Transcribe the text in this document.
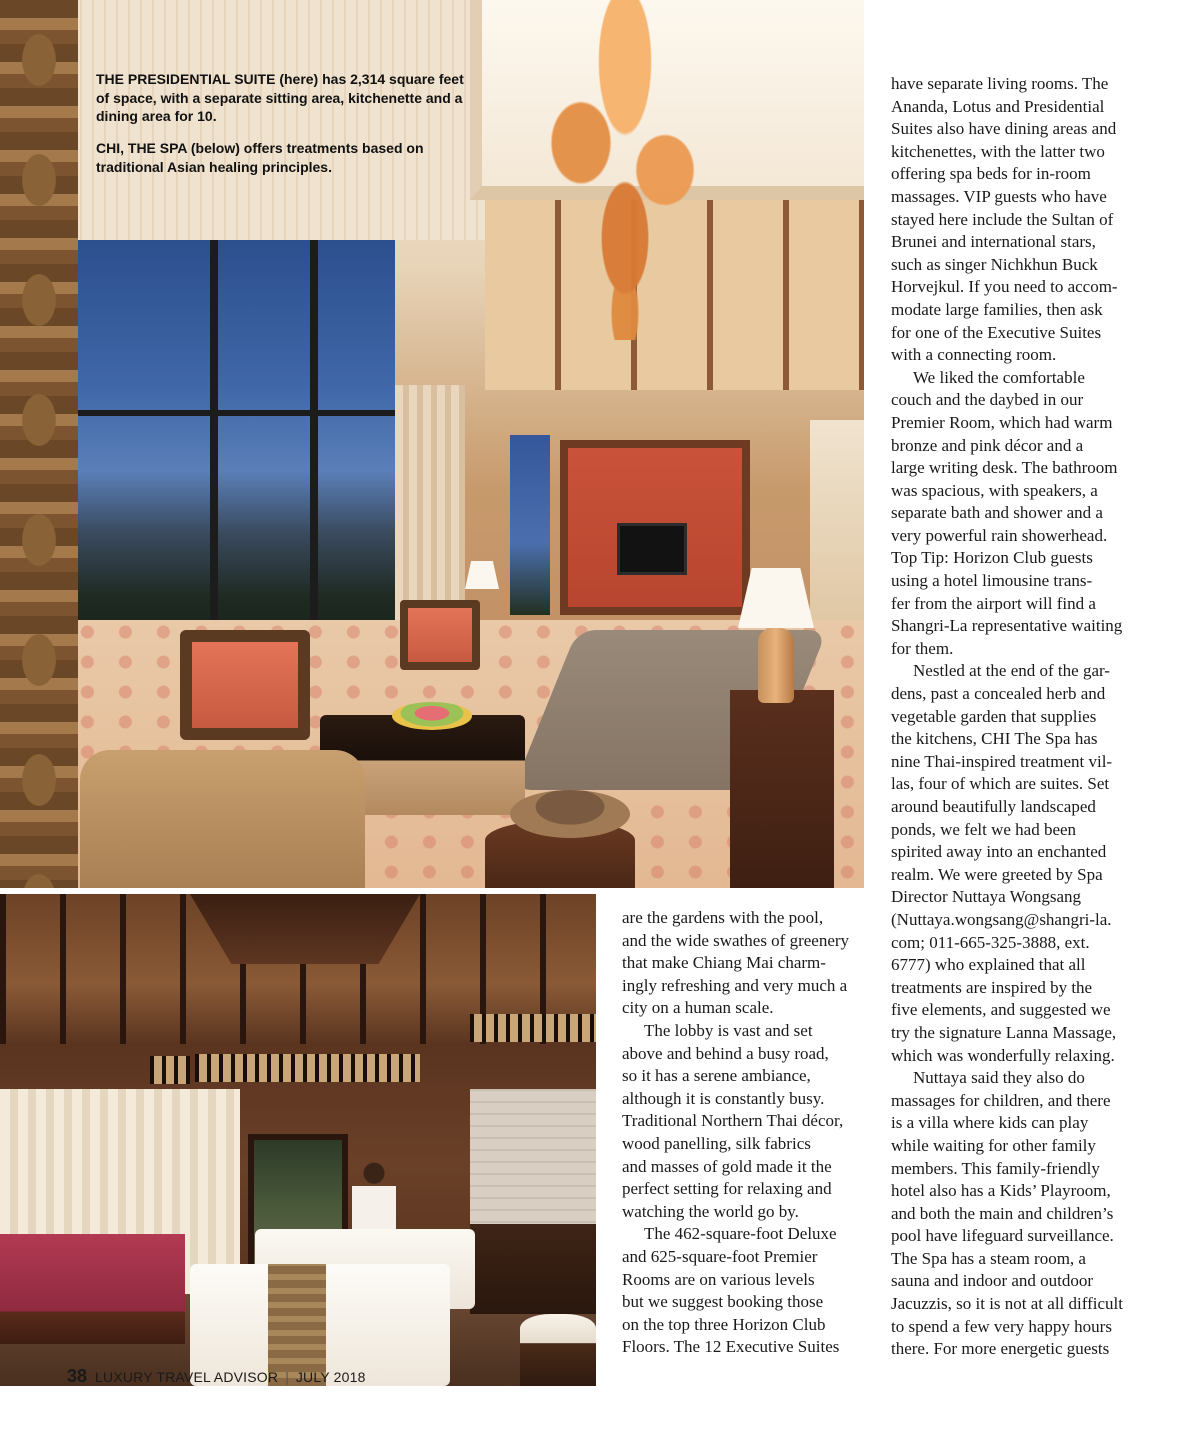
THE PRESIDENTIAL SUITE (here) has 2,314 square feet of space, with a separate sitting area, kitchenette and a dining area for 10.

CHI, THE SPA (below) offers treatments based on traditional Asian healing principles.

are the gardens with the pool,
and the wide swathes of greenery
that make Chiang Mai charm-
ingly refreshing and very much a
city on a human scale.
The lobby is vast and set
above and behind a busy road,
so it has a serene ambiance,
although it is constantly busy.
Traditional Northern Thai décor,
wood panelling, silk fabrics
and masses of gold made it the
perfect setting for relaxing and
watching the world go by.
The 462-square-foot Deluxe
and 625-square-foot Premier
Rooms are on various levels
but we suggest booking those
on the top three Horizon Club
Floors. The 12 Executive Suites
have separate living rooms. The
Ananda, Lotus and Presidential
Suites also have dining areas and
kitchenettes, with the latter two
offering spa beds for in-room
massages. VIP guests who have
stayed here include the Sultan of
Brunei and international stars,
such as singer Nichkhun Buck
Horvejkul. If you need to accom-
modate large families, then ask
for one of the Executive Suites
with a connecting room.
We liked the comfortable
couch and the daybed in our
Premier Room, which had warm
bronze and pink décor and a
large writing desk. The bathroom
was spacious, with speakers, a
separate bath and shower and a
very powerful rain showerhead.
Top Tip: Horizon Club guests
using a hotel limousine trans-
fer from the airport will find a
Shangri-La representative waiting
for them.
Nestled at the end of the gar-
dens, past a concealed herb and
vegetable garden that supplies
the kitchens, CHI The Spa has
nine Thai-inspired treatment vil-
las, four of which are suites. Set
around beautifully landscaped
ponds, we felt we had been
spirited away into an enchanted
realm. We were greeted by Spa
Director Nuttaya Wongsang
(Nuttaya.wongsang@shangri-la.
com; 011-665-325-3888, ext.
6777) who explained that all
treatments are inspired by the
five elements, and suggested we
try the signature Lanna Massage,
which was wonderfully relaxing.
Nuttaya said they also do
massages for children, and there
is a villa where kids can play
while waiting for other family
members. This family-friendly
hotel also has a Kids’ Playroom,
and both the main and children’s
pool have lifeguard surveillance.
The Spa has a steam room, a
sauna and indoor and outdoor
Jacuzzis, so it is not at all difficult
to spend a few very happy hours
there. For more energetic guests
38 LUXURY TRAVEL ADVISOR | JULY 2018
